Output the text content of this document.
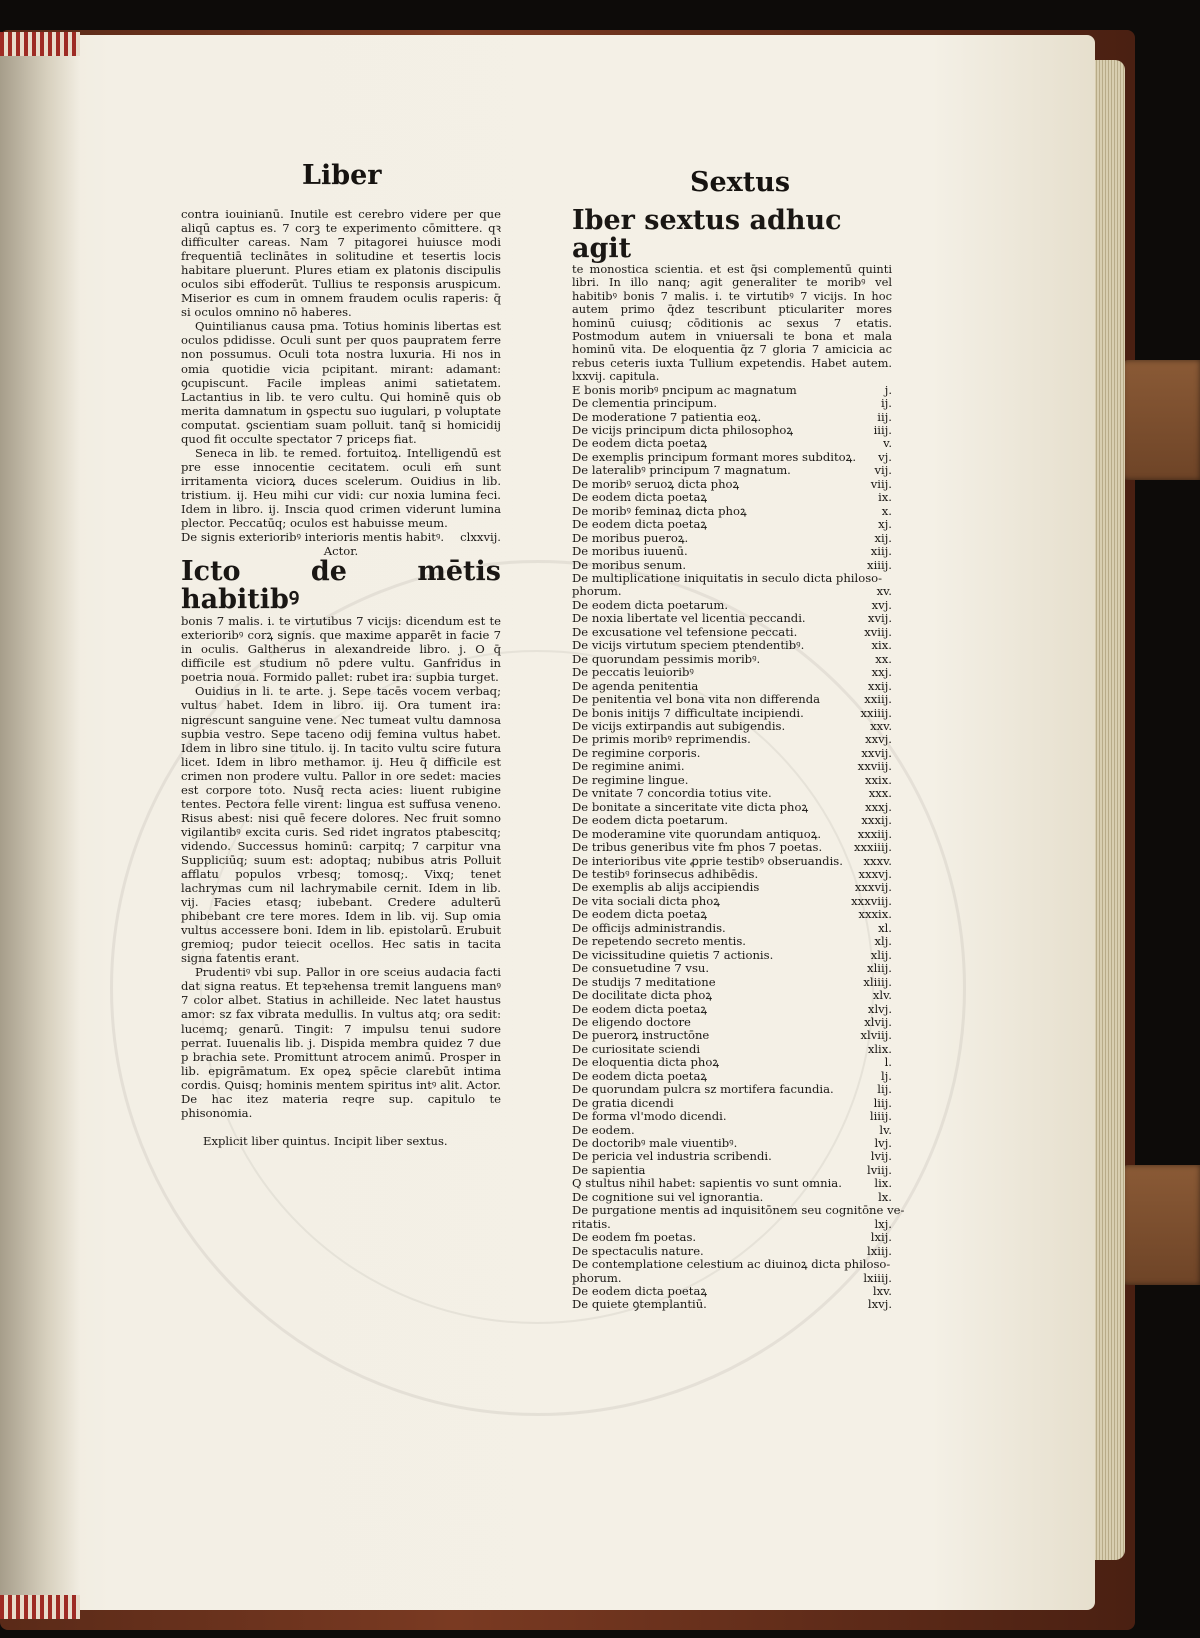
Liber	Sextus

contra iouinianū. Inutile est cerebro videre per que aliqū captus es. 7 corꝫ te experimento cōmittere. qꝛ difficulter careas. Nam 7 pitagorei huiusce modi frequentiā teclinātes in solitudine et tesertis locis habitare pluerunt. Plures etiam ex platonis discipulis oculos sibi effoderūt. Tullius te responsis aruspicum. Miserior es cum in omnem fraudem oculis raperis: q̄ si oculos omnino nō haberes.

Quintilianus causa pma. Totius hominis libertas est oculos pdidisse. Oculi sunt per quos paupratem ferre non possumus. Oculi tota nostra luxuria. Hi nos in omia quotidie vicia pcipitant. mirant: adamant: ꝯcupiscunt. Facile impleas animi satietatem. Lactantius in lib. te vero cultu. Qui hominē quis ob merita damnatum in ꝯspectu suo iugulari, p voluptate computat. ꝯscientiam suam polluit. tanq̄ si homicidij quod fit occulte spectator 7 priceps fiat.

Seneca in lib. te remed. fortuitoꝝ. Intelligendū est pre esse innocentie cecitatem. oculi em̄ sunt irritamenta viciorꝝ duces scelerum. Ouidius in lib. tristium. ij. Heu mihi cur vidi: cur noxia lumina feci. Idem in libro. ij. Inscia quod crimen viderunt lumina plector. Peccatūq; oculos est habuisse meum.

De signis exterioribꝰ interioris mentis habitꝰ. clxxvij.
Actor.
Icto de mētis habitibꝰ

bonis 7 malis. i. te virtutibus 7 vicijs: dicendum est te exterioribꝰ corꝝ signis. que maxime apparēt in facie 7 in oculis. Galtherus in alexandreide libro. j. O q̄ difficile est studium nō pdere vultu. Ganfridus in poetria noua. Formido pallet: rubet ira: supbia turget.

Ouidius in li. te arte. j. Sepe tacēs vocem verbaq; vultus habet. Idem in libro. iij. Ora tument ira: nigrescunt sanguine vene. Nec tumeat vultu damnosa supbia vestro. Sepe taceno odij femina vultus habet. Idem in libro sine titulo. ij. In tacito vultu scire futura licet. Idem in libro methamor. ij. Heu q̄ difficile est crimen non prodere vultu. Pallor in ore sedet: macies est corpore toto. Nusq̄ recta acies: liuent rubigine tentes. Pectora felle virent: lingua est suffusa veneno. Risus abest: nisi quē fecere dolores. Nec fruit somno vigilantibꝰ excita curis. Sed ridet ingratos ptabescitq; videndo. Successus hominū: carpitq; 7 carpitur vna Suppliciūq; suum est: adoptaq; nubibus atris Polluit afflatu populos vrbesq; tomosq;. Vixq; tenet lachrymas cum nil lachrymabile cernit. Idem in lib. vij. Facies etasq; iubebant. Credere adulterū phibebant cre tere mores. Idem in lib. vij. Sup omia vultus accessere boni. Idem in lib. epistolarū. Erubuit gremioq; pudor teiecit ocellos. Hec satis in tacita signa fatentis erant.

Prudentiꝰ vbi sup. Pallor in ore sceius audacia facti dat signa reatus. Et tepꝛehensa tremit languens manꝰ 7 color albet. Statius in achilleide. Nec latet haustus amor: sz fax vibrata medullis. In vultus atq; ora sedit: lucemq; genarū. Tingit: 7 impulsu tenui sudore perrat. Iuuenalis lib. j. Dispida membra quidez 7 due p brachia sete. Promittunt atrocem animū. Prosper in lib. epigrāmatum. Ex opeꝝ spēcie clarebūt intima cordis. Quisq; hominis mentem spiritus intꝰ alit. Actor. De hac itez materia reqre sup. capitulo te phisonomia.

Explicit liber quintus. Incipit liber sextus.
Iber sextus adhuc agit
te monostica scientia. et est q̄si complementū quinti libri. In illo nanq; agit generaliter te moribꝰ vel habitibꝰ bonis 7 malis. i. te virtutibꝰ 7 vicijs. In hoc autem primo q̄dez tescribunt pticulariter mores hominū cuiusq; cōditionis ac sexus 7 etatis. Postmodum autem in vniuersali te bona et mala hominū vita. De eloquentia q̄z 7 gloria 7 amicicia ac rebus ceteris iuxta Tullium expetendis. Habet autem. lxxvij. capitula.
E bonis moribꝰ pncipum ac magnatum	j.
De clementia principum.	ij.
De moderatione 7 patientia eoꝝ.	iij.
De vicijs principum dicta philosophoꝝ	iiij.
De eodem dicta poetaꝝ	v.
De exemplis principum formant mores subditoꝝ. vj.
De lateralibꝰ principum 7 magnatum.	vij.
De moribꝰ seruoꝝ dicta phoꝝ	viij.
De eodem dicta poetaꝝ	ix.
De moribꝰ feminaꝝ dicta phoꝝ	x.
De eodem dicta poetaꝝ	xj.
De moribus pueroꝝ.	xij.
De moribus iuuenū.	xiij.
De moribus senum.	xiiij.
De multiplicatione iniquitatis in seculo dicta philoso-
phorum.	xv.
De eodem dicta poetarum.	xvj.
De noxia libertate vel licentia peccandi.	xvij.
De excusatione vel tefensione peccati.	xviij.
De vicijs virtutum speciem ptendentibꝰ.	xix.
De quorundam pessimis moribꝰ.	xx.
De peccatis leuioribꝰ	xxj.
De agenda penitentia	xxij.
De penitentia vel bona vita non differenda	xxiij.
De bonis initijs 7 difficultate incipiendi.	xxiiij.
De vicijs extirpandis aut subigendis.	xxv.
De primis moribꝰ reprimendis.	xxvj.
De regimine corporis.	xxvij.
De regimine animi.	xxviij.
De regimine lingue.	xxix.
De vnitate 7 concordia totius vite.	xxx.
De bonitate a sinceritate vite dicta phoꝝ	xxxj.
De eodem dicta poetarum.	xxxij.
De moderamine vite quorundam antiquoꝝ.	xxxiij.
De tribus generibus vite fm phos 7 poetas.	xxxiiij.
De interioribus vite ꝓprie testibꝰ obseruandis. xxxv.
De testibꝰ forinsecus adhibēdis.	xxxvj.
De exemplis ab alijs accipiendis	xxxvij.
De vita sociali dicta phoꝝ	xxxviij.
De eodem dicta poetaꝝ	xxxix.
De officijs administrandis.	xl.
De repetendo secreto mentis.	xlj.
De vicissitudine quietis 7 actionis.	xlij.
De consuetudine 7 vsu.	xliij.
De studijs 7 meditatione	xliiij.
De docilitate dicta phoꝝ	xlv.
De eodem dicta poetaꝝ	xlvj.
De eligendo doctore	xlvij.
De puerorꝝ instructōne	xlviij.
De curiositate sciendi	xlix.
De eloquentia dicta phoꝝ	l.
De eodem dicta poetaꝝ	lj.
De quorundam pulcra sz mortifera facundia.	lij.
De gratia dicendi	liij.
De forma vl'modo dicendi.	liiij.
De eodem.	lv.
De doctoribꝰ male viuentibꝰ.	lvj.
De pericia vel industria scribendi.	lvij.
De sapientia	lviij.
Q stultus nihil habet: sapientis vo sunt omnia.	lix.
De cognitione sui vel ignorantia.	lx.
De purgatione mentis ad inquisitōnem seu cognitōne ve-
ritatis.	lxj.
De eodem fm poetas.	lxij.
De spectaculis nature.	lxiij.
De contemplatione celestium ac diuinoꝝ dicta philoso-
phorum.	lxiiij.
De eodem dicta poetaꝝ	lxv.
De quiete ꝯtemplantiū.	lxvj.
